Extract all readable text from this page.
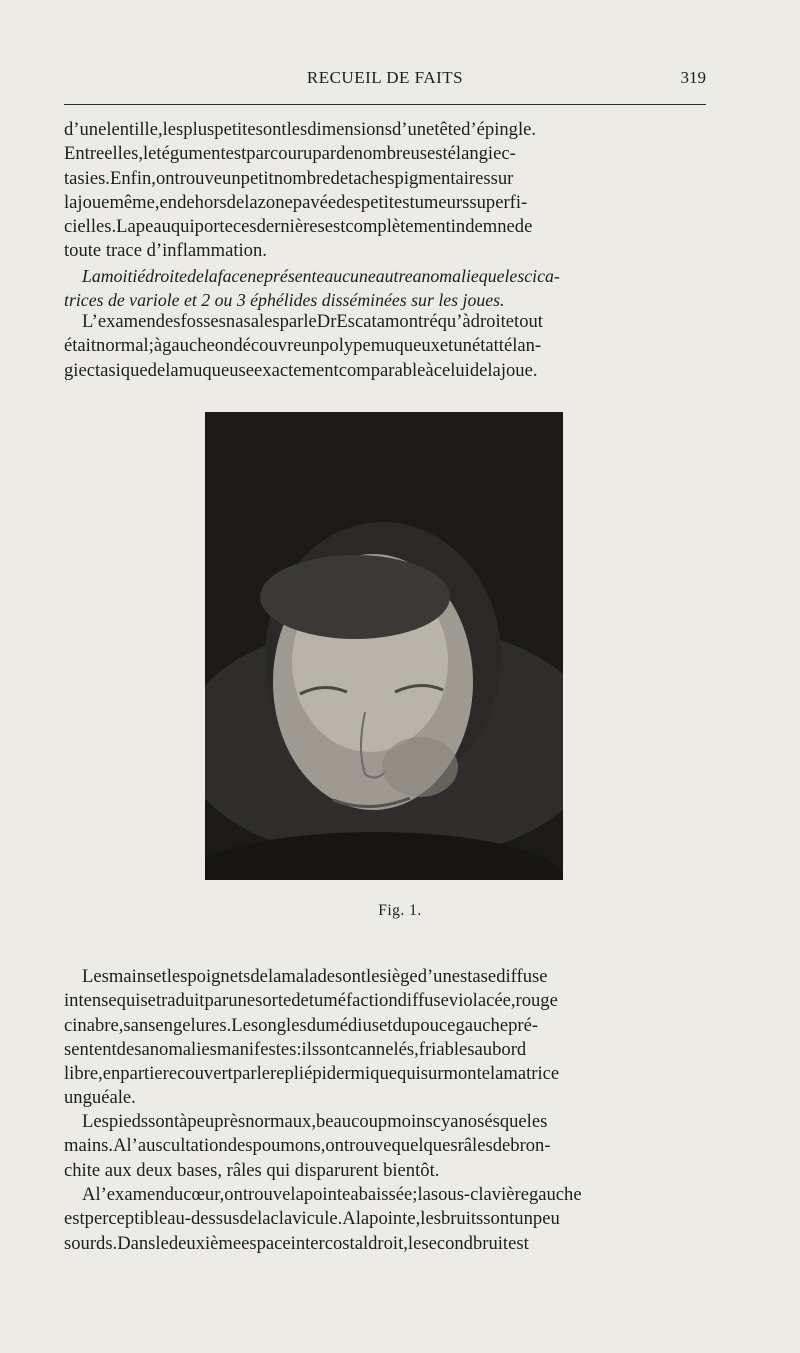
RECUEIL DE FAITS	319
d’unelentille,lespluspetitesontlesdimensionsd’unetêted’épingle.
Entreelles,letégumentestparcourupardenombreusestélangiec-
tasies.Enfin,ontrouveunpetitnombredetachespigmentairessur
lajouemême,endehorsdelazonepavéedespetitestumeurssuperfi-
cielles.Lapeauquiportecesdernièresestcomplètementindemnede
toute trace d’inflammation.
Lamoitiédroitedelafaceneprésenteaucuneautreanomaliequelescica-
trices de variole et 2 ou 3 éphélides disséminées sur les joues.
L’examendesfossesnasalesparleDrEscatamontréqu’àdroitetout
étaitnormal;àgaucheondécouvreunpolypemuqueuxetunétattélan-
giectasiquedelamuqueuseexactementcomparableàceluidelajoue.
Fig. 1.
Lesmainsetlespoignetsdelamaladesontlesièged’unestasediffuse
intensequisetraduitparunesortedetuméfactiondiffuseviolacée,rouge
cinabre,sansengelures.Lesonglesdumédiusetdupoucegauchepré-
sententdesanomaliesmanifestes:ilssontcannelés,friablesaubord
libre,enpartierecouvertparlerepliépidermiquequisurmontelamatrice
unguéale.
Lespiedssontàpeuprèsnormaux,beaucoupmoinscyanosésqueles
mains.Al’auscultationdespoumons,ontrouvequelquesrâlesdebron-
chite aux deux bases, râles qui disparurent bientôt.
Al’examenducœur,ontrouvelapointeabaissée;lasous-clavièregauche
estperceptibleau-dessusdelaclavicule.Alapointe,lesbruitssontunpeu
sourds.Dansledeuxièmeespaceintercostaldroit,lesecondbruitest
